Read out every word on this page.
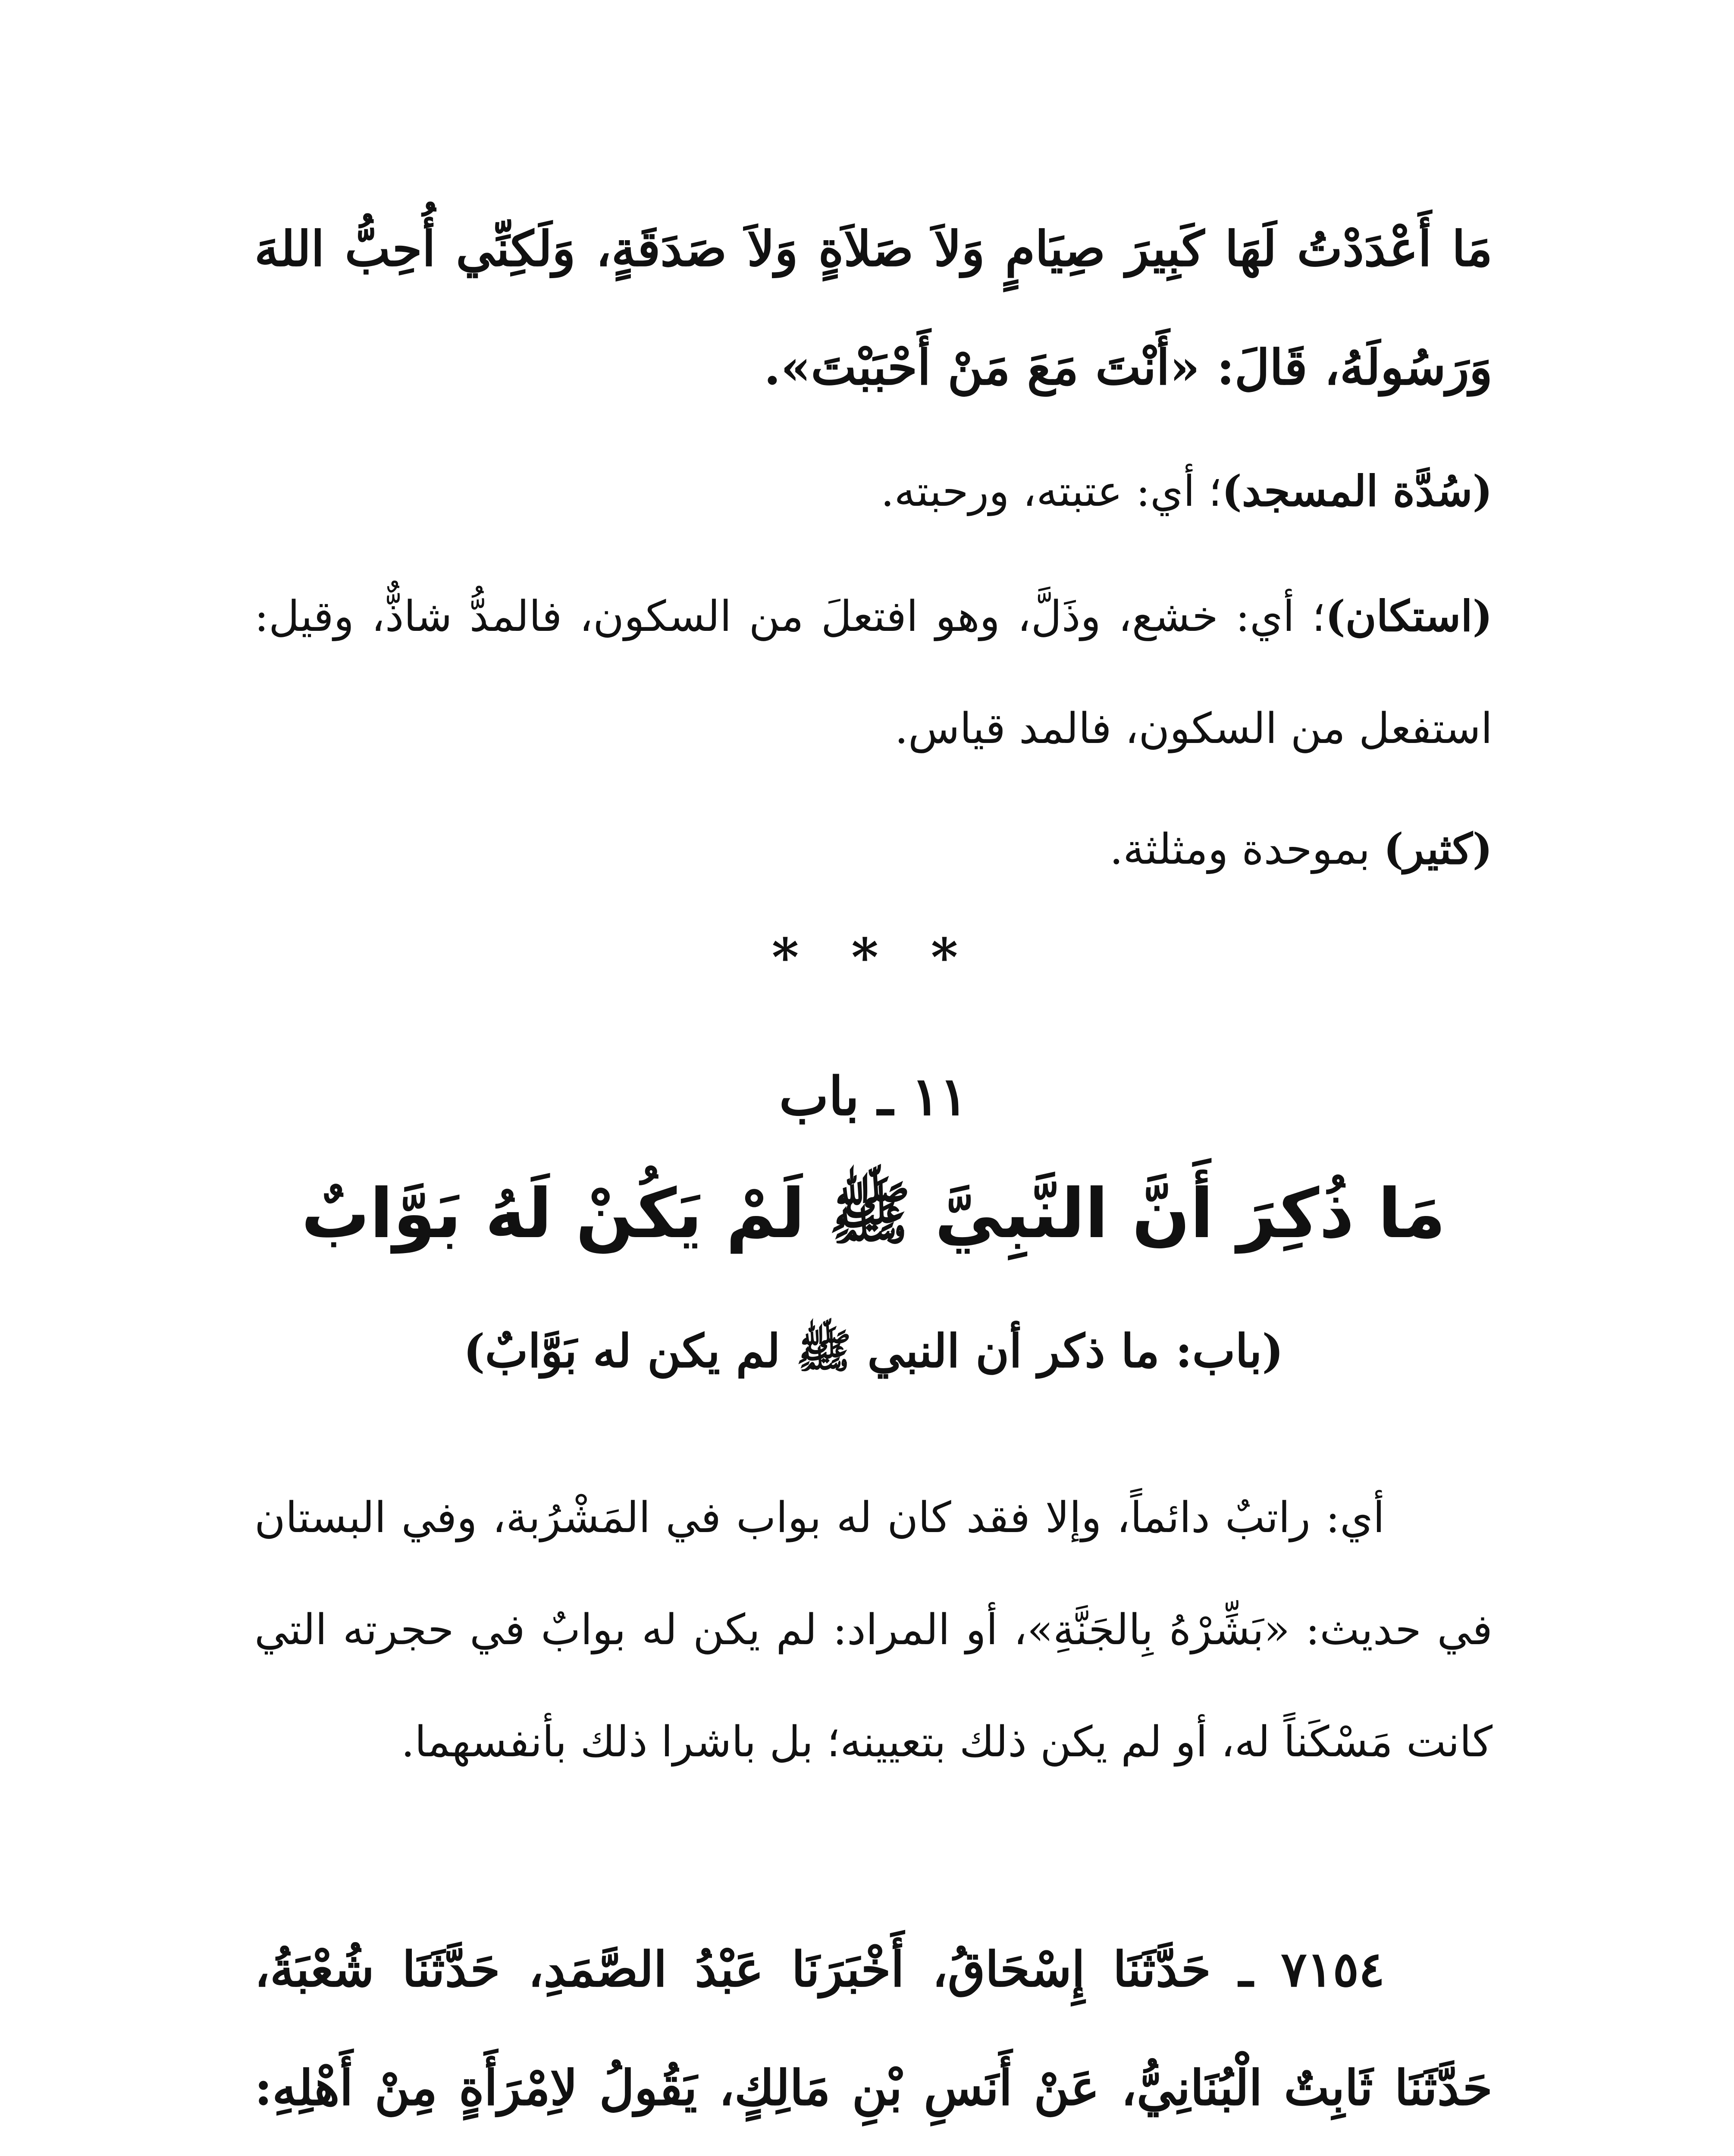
مَا أَعْدَدْتُ لَهَا كَبِيرَ صِيَامٍ وَلاَ صَلاَةٍ وَلاَ صَدَقَةٍ، وَلَكِنِّي أُحِبُّ اللهَ وَرَسُولَهُ، قَالَ: «أَنْتَ مَعَ مَنْ أَحْبَبْتَ».

(سُدَّة المسجد)؛ أي: عتبته، ورحبته.

(استكان)؛ أي: خشع، وذَلَّ، وهو افتعلَ من السكون، فالمدُّ شاذٌّ، وقيل: استفعل من السكون، فالمد قياس.

(كثير) بموحدة ومثلثة.

* * *
١١ ـ باب
مَا ذُكِرَ أَنَّ النَّبِيَّ ﷺ لَمْ يَكُنْ لَهُ بَوَّابٌ
(باب: ما ذكر أن النبي ﷺ لم يكن له بَوَّابٌ)

أي: راتبٌ دائماً، وإلا فقد كان له بواب في المَشْرُبة، وفي البستان في حديث: «بَشِّرْهُ بِالجَنَّةِ»، أو المراد: لم يكن له بوابٌ في حجرته التي كانت مَسْكَناً له، أو لم يكن ذلك بتعيينه؛ بل باشرا ذلك بأنفسهما.

٧١٥٤ ـ حَدَّثَنَا إِسْحَاقُ، أَخْبَرَنَا عَبْدُ الصَّمَدِ، حَدَّثَنَا شُعْبَةُ، حَدَّثَنَا ثَابِتٌ الْبُنَانِيُّ، عَنْ أَنَسِ بْنِ مَالِكٍ، يَقُولُ لاِمْرَأَةٍ مِنْ أَهْلِهِ:
